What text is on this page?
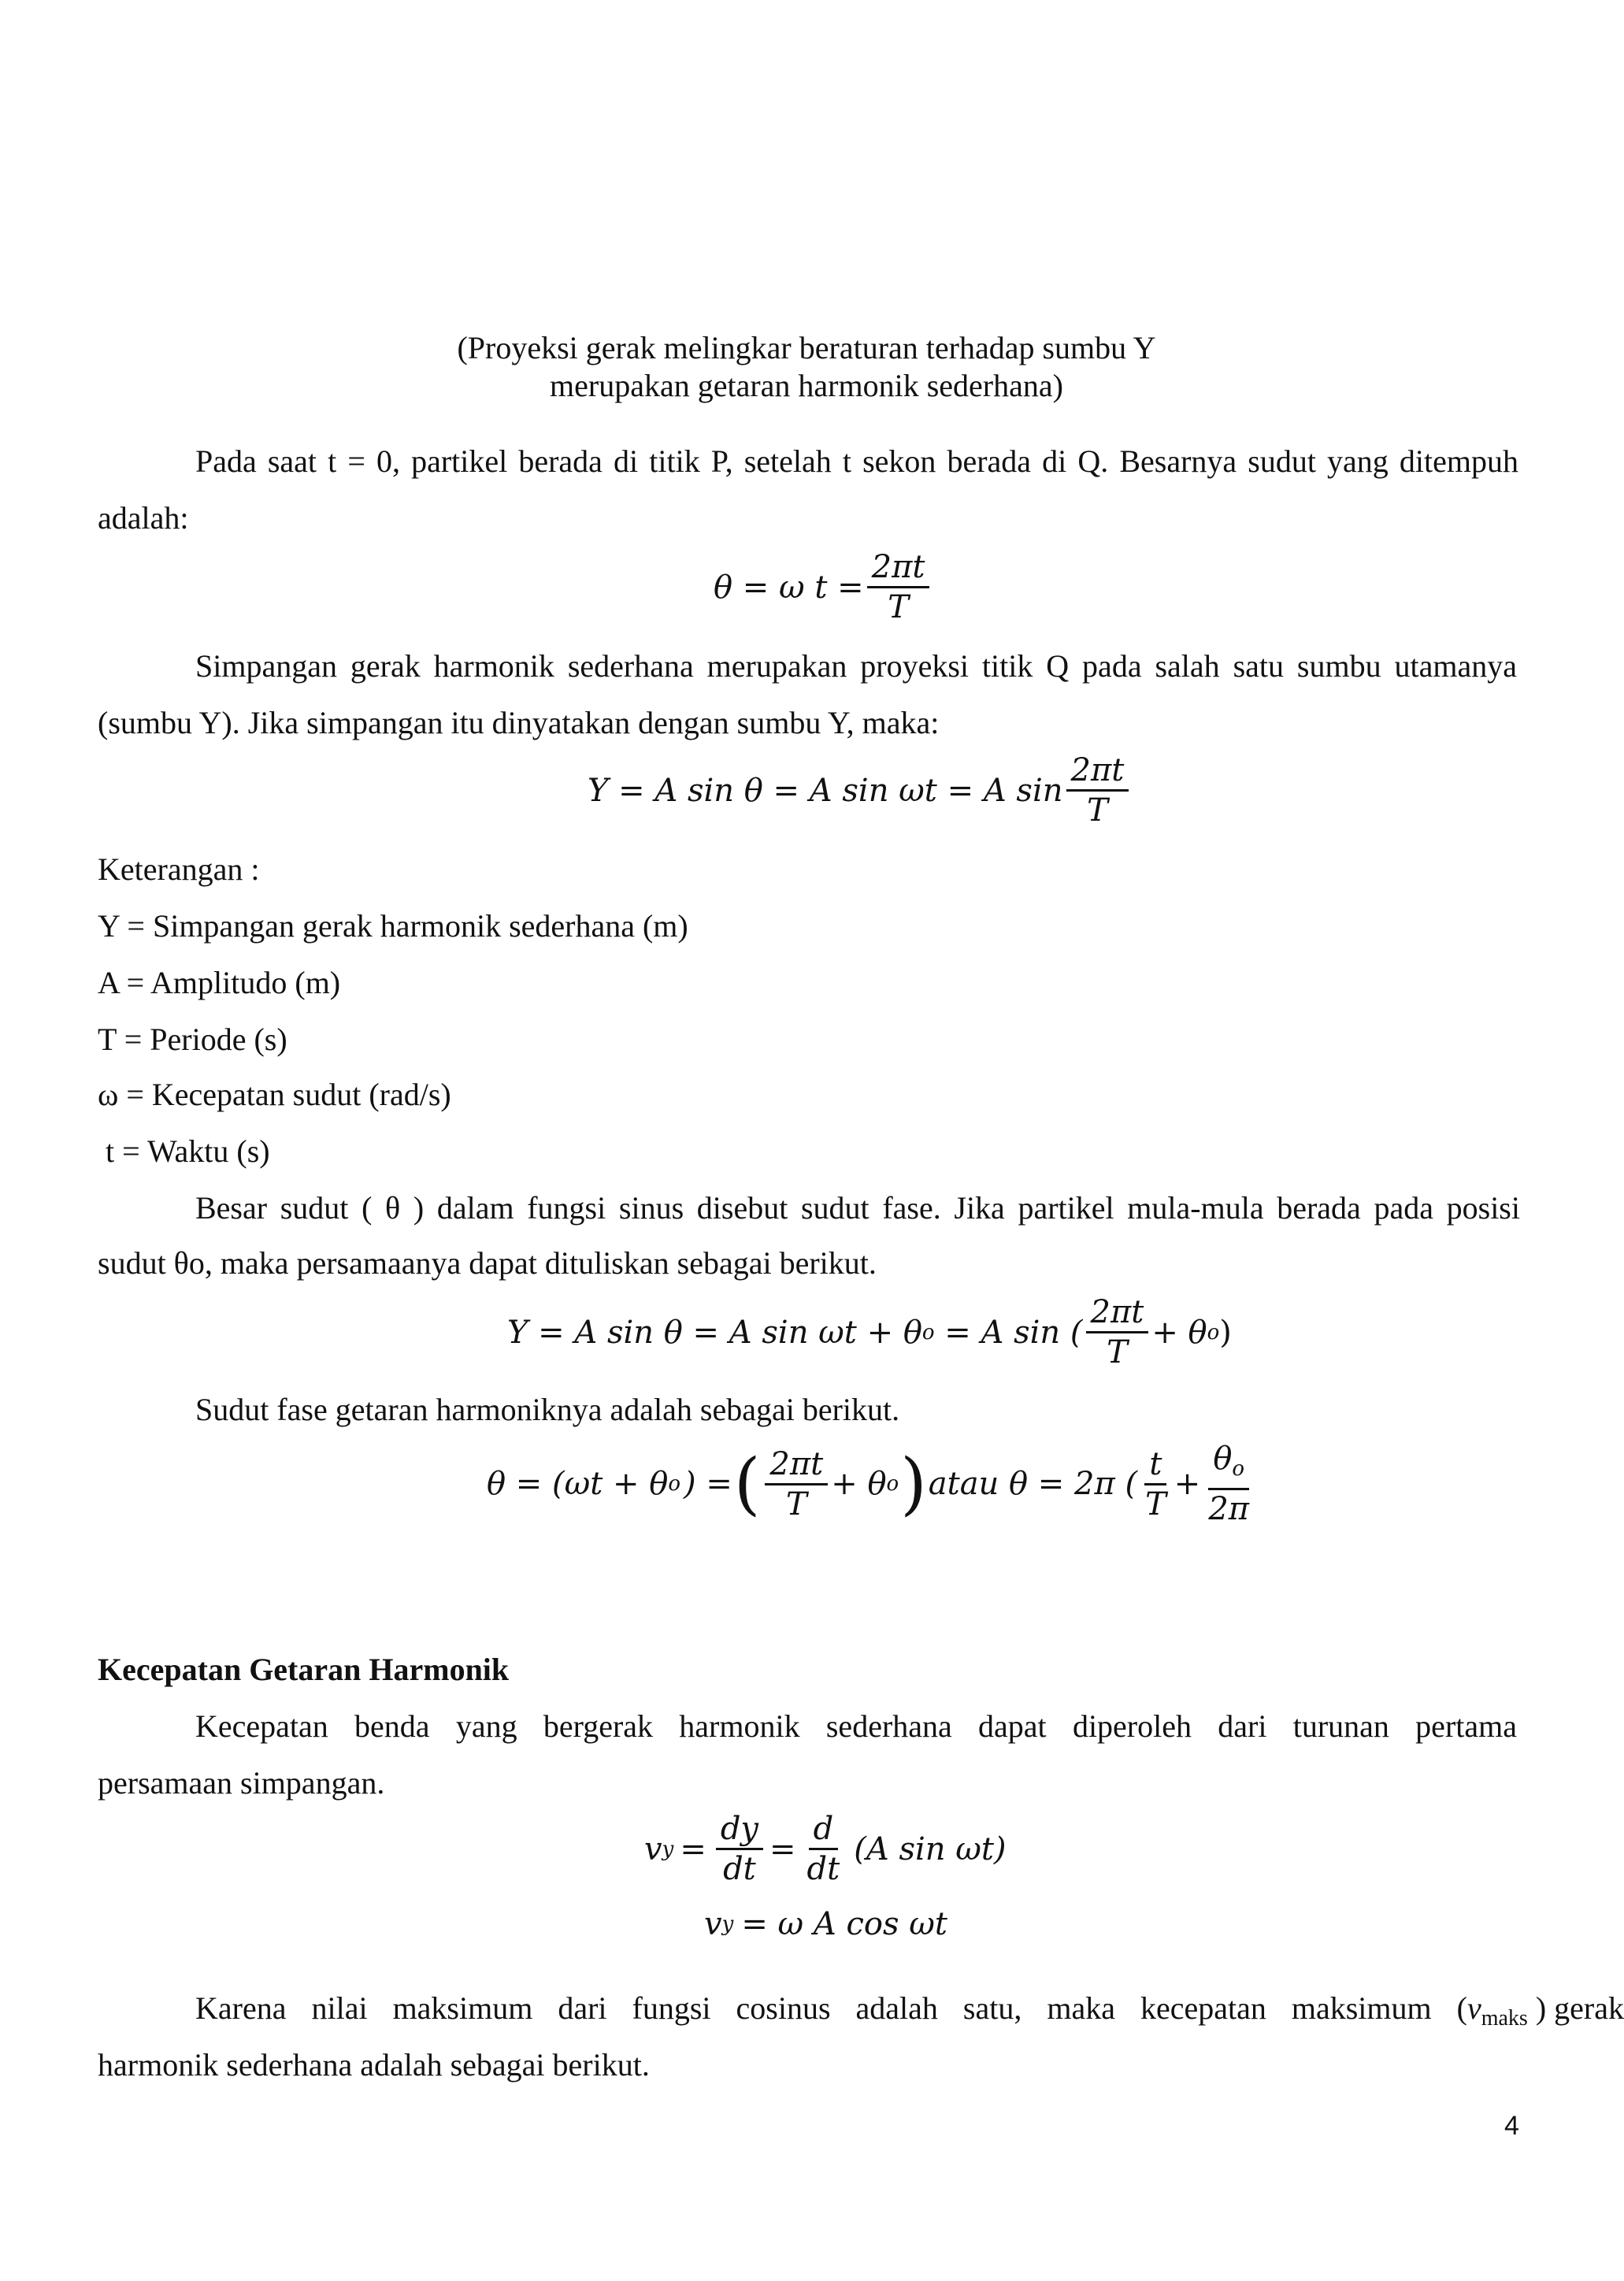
(Proyeksi gerak melingkar beraturan terhadap sumbu Y
merupakan getaran harmonik sederhana)
Pada saat t = 0, partikel berada di titik P, setelah t sekon berada di Q. Besarnya sudut yang ditempuh
adalah:
θ = ω $t = \frac{2\pi t}{T}$
Simpangan gerak harmonik sederhana merupakan proyeksi titik Q pada salah satu sumbu utamanya
(sumbu Y). Jika simpangan itu dinyatakan dengan sumbu Y, maka:
Y = A sin θ = A sin ωt = A $\sin \frac{2\pi t}{T}$
Keterangan :
Y = Simpangan gerak harmonik sederhana (m)
A = Amplitudo (m)
T = Periode (s)
ω = Kecepatan sudut (rad/s)
t = Waktu (s)
Besar sudut ( θ ) dalam fungsi sinus disebut sudut fase. Jika partikel mula-mula berada pada posisi
sudut θo, maka persamaanya dapat dituliskan sebagai berikut.
Y = A sin θ = A sin ωt + θ o = A sin ( $\frac{2\pi t}{T} + \theta$ o )
Sudut fase getaran harmoniknya adalah sebagai berikut.
θ = (ωt + θ o ) = ( $\frac{2\pi t}{T} + \theta$ o ) atau θ = 2π ( $\frac{t}{T} + \frac{\theta_o}{2\pi}$
Kecepatan Getaran Harmonik
Kecepatan benda yang bergerak harmonik sederhana dapat diperoleh dari turunan pertama
persamaan simpangan.
v $y = \frac{dy}{dt} = \frac{d}{dt} (A$ sin ωt)
v y = ω A cos ωt
Karena  nilai  maksimum  dari  fungsi  cosinus  adalah  satu,  maka  kecepatan  maksimum  ( $v_{maks}$ ) gerak
harmonik sederhana adalah sebagai berikut.
4
